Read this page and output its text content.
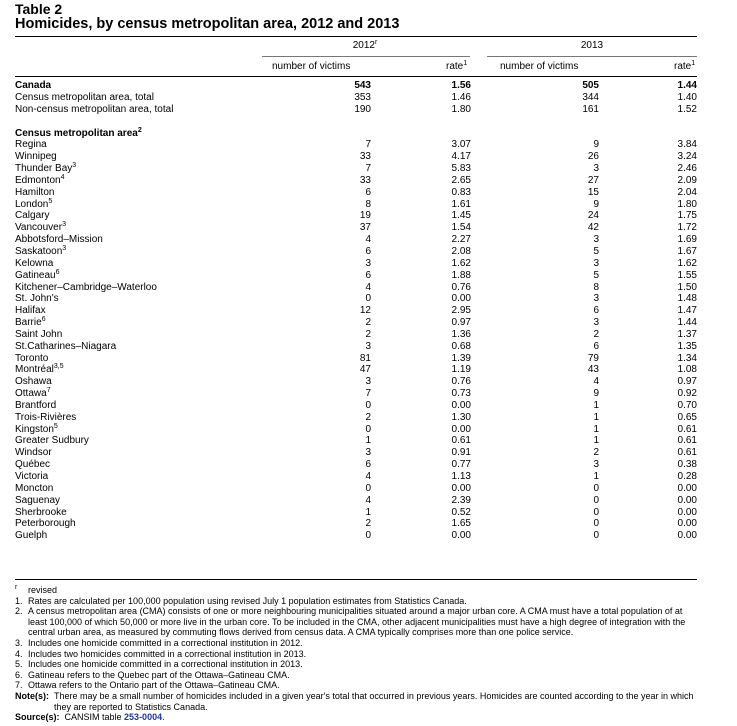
Table 2
Homicides, by census metropolitan area, 2012 and 2013
2012$^r$	2013
number of victims	rate$^1$	number of victims	rate$^1$
Canada	543	1.56	505	1.44
Census metropolitan area, total	353	1.46	344	1.40
Non-census metropolitan area, total	190	1.80	161	1.52
Census metropolitan area$^2$
Regina	7	3.07	9	3.84
Winnipeg	33	4.17	26	3.24
Thunder Bay$^3$	7	5.83	3	2.46
Edmonton$^4$	33	2.65	27	2.09
Hamilton	6	0.83	15	2.04
London$^5$	8	1.61	9	1.80
Calgary	19	1.45	24	1.75
Vancouver$^3$	37	1.54	42	1.72
Abbotsford–Mission	4	2.27	3	1.69
Saskatoon$^3$	6	2.08	5	1.67
Kelowna	3	1.62	3	1.62
Gatineau$^6$	6	1.88	5	1.55
Kitchener–Cambridge–Waterloo	4	0.76	8	1.50
St. John's	0	0.00	3	1.48
Halifax	12	2.95	6	1.47
Barrie$^6$	2	0.97	3	1.44
Saint John	2	1.36	2	1.37
St.Catharines–Niagara	3	0.68	6	1.35
Toronto	81	1.39	79	1.34
Montréal$^{3,5}$	47	1.19	43	1.08
Oshawa	3	0.76	4	0.97
Ottawa$^7$	7	0.73	9	0.92
Brantford	0	0.00	1	0.70
Trois-Rivières	2	1.30	1	0.65
Kingston$^5$	0	0.00	1	0.61
Greater Sudbury	1	0.61	1	0.61
Windsor	3	0.91	2	0.61
Québec	6	0.77	3	0.38
Victoria	4	1.13	1	0.28
Moncton	0	0.00	0	0.00
Saguenay	4	2.39	0	0.00
Sherbrooke	1	0.52	0	0.00
Peterborough	2	1.65	0	0.00
Guelph	0	0.00	0	0.00
$^r$	revised
1. Rates are calculated per 100,000 population using revised July 1 population estimates from Statistics Canada.
2. A census metropolitan area (CMA) consists of one or more neighbouring municipalities situated around a major urban core. A CMA must have a total population of at least 100,000 of which 50,000 or more live in the urban core. To be included in the CMA, other adjacent municipalities must have a high degree of integration with the central urban area, as measured by commuting flows derived from census data. A CMA typically comprises more than one police service.
3. Includes one homicide committed in a correctional institution in 2012.
4. Includes two homicides committed in a correctional institution in 2013.
5. Includes one homicide committed in a correctional institution in 2013.
6. Gatineau refers to the Quebec part of the Ottawa–Gatineau CMA.
7. Ottawa refers to the Ontario part of the Ottawa–Gatineau CMA.
Note(s): There may be a small number of homicides included in a given year's total that occurred in previous years. Homicides are counted according to the year in which they are reported to Statistics Canada.
Source(s): CANSIM table 253-0004.
